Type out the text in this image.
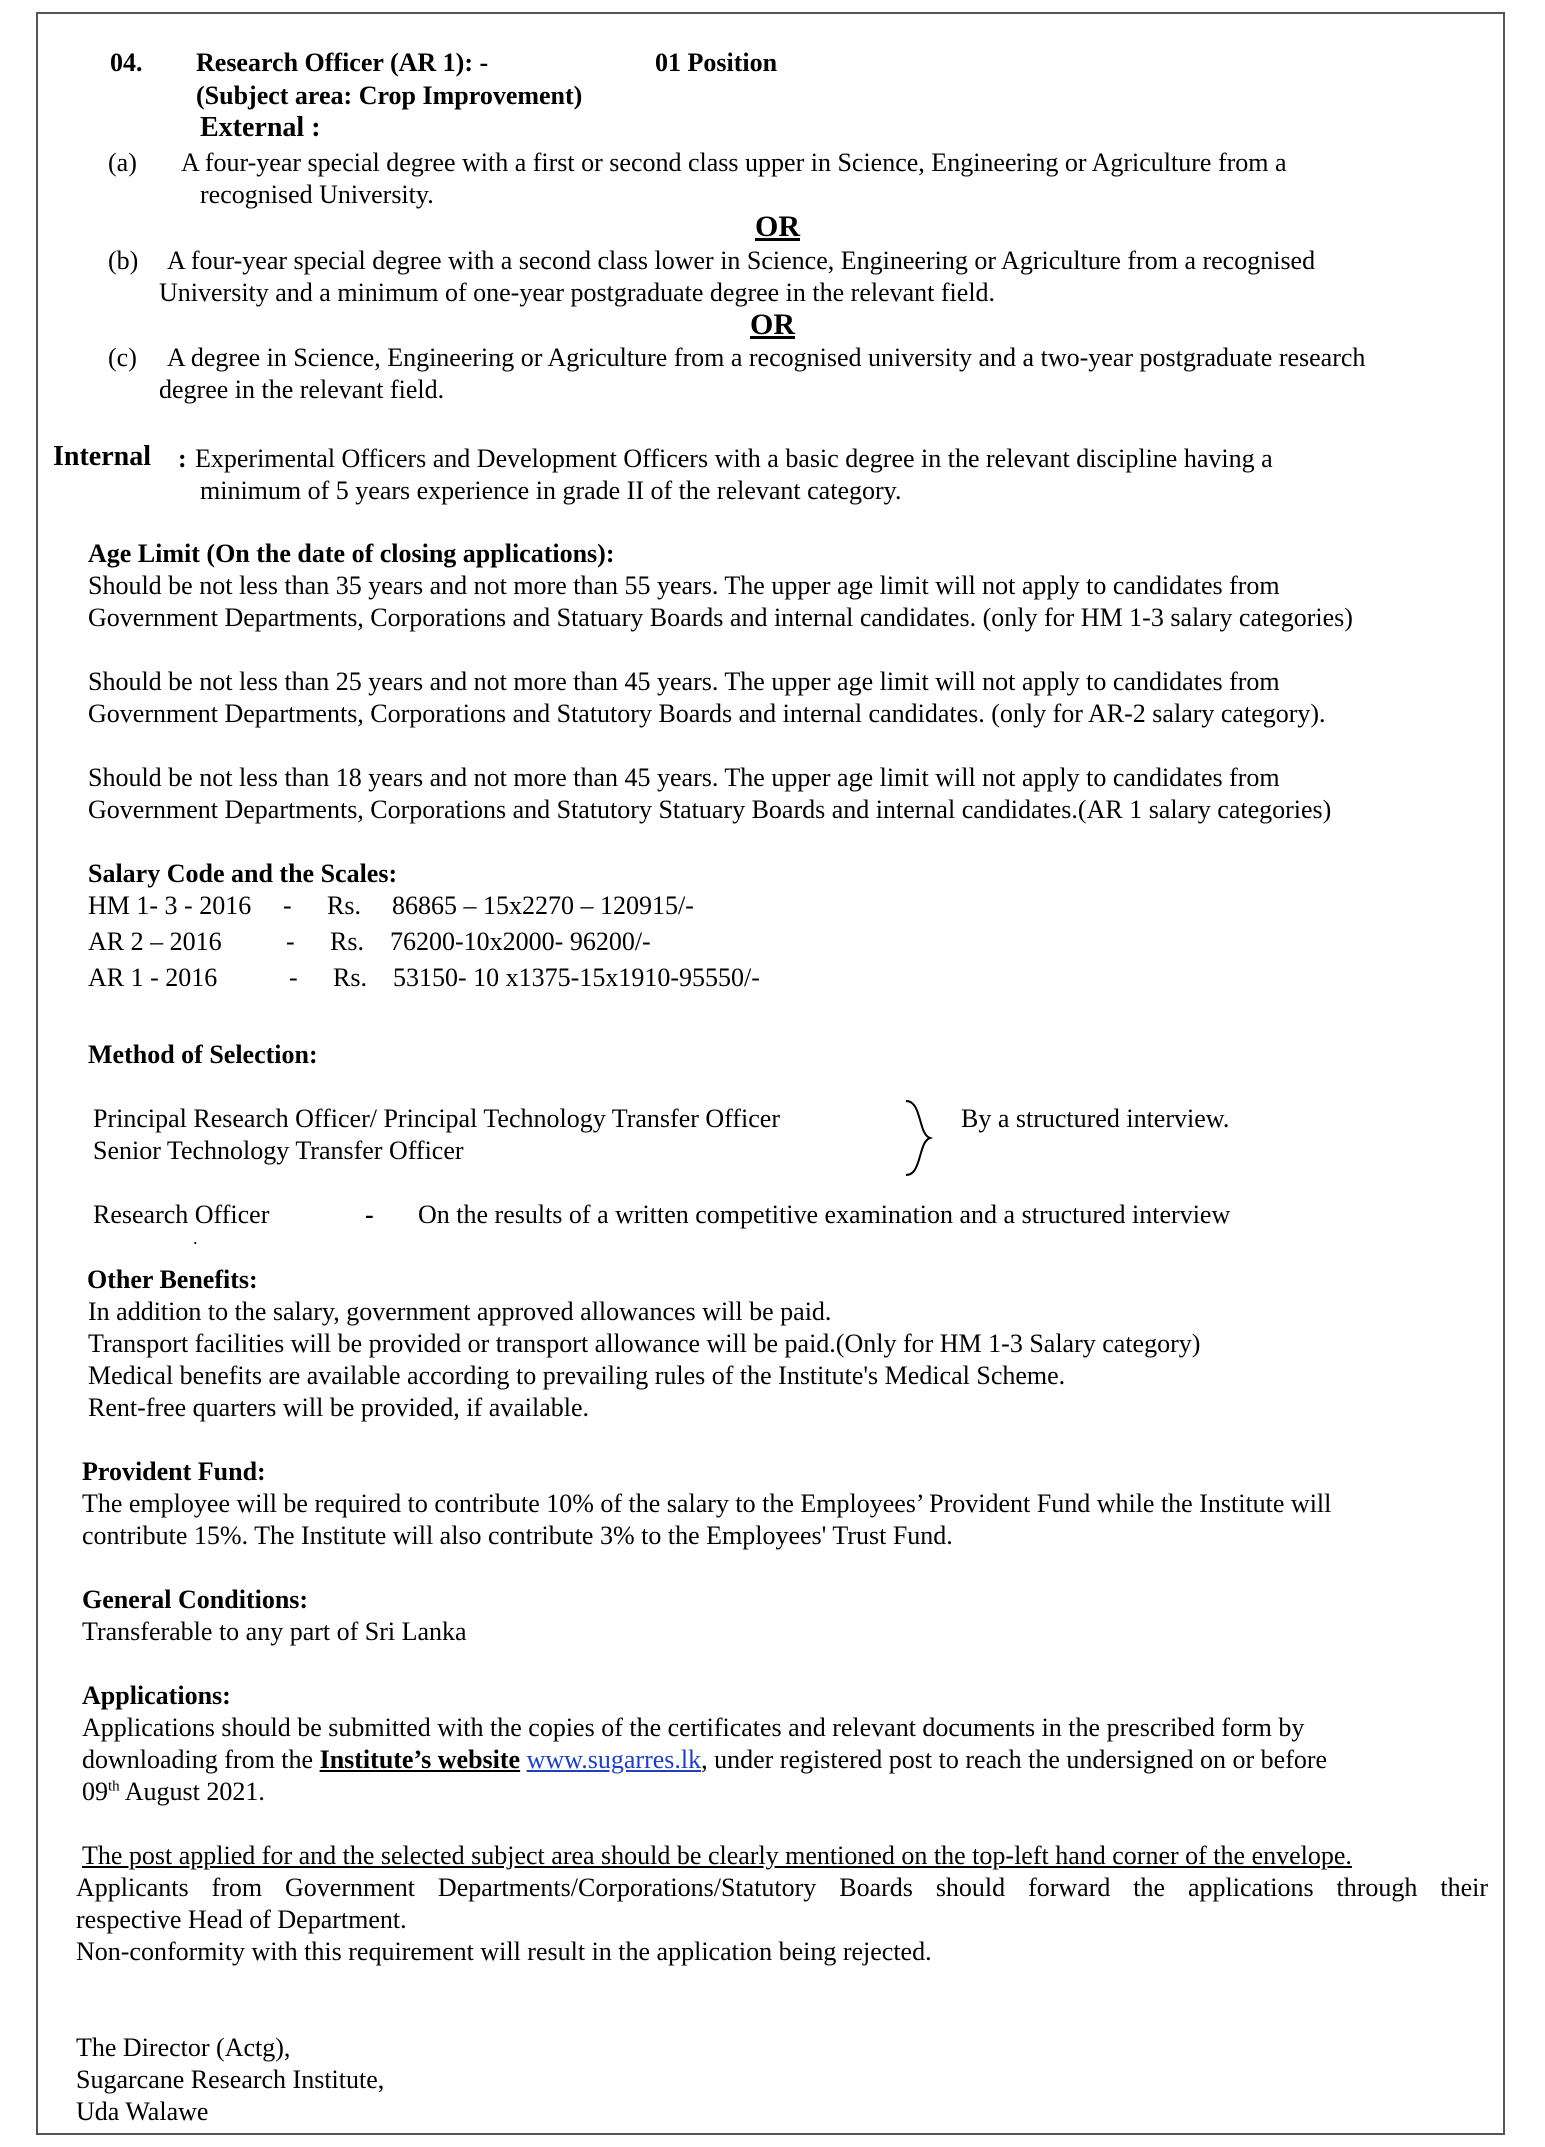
04. Research Officer (AR 1): -	01 Position
(Subject area: Crop Improvement)
External :
(a) A four-year special degree with a first or second class upper in Science, Engineering or Agriculture from a
recognised University.
OR
(b) A four-year special degree with a second class lower in Science, Engineering or Agriculture from a recognised
University and a minimum of one-year postgraduate degree in the relevant field.
OR
(c) A degree in Science, Engineering or Agriculture from a recognised university and a two-year postgraduate research
degree in the relevant field.
Internal : Experimental Officers and Development Officers with a basic degree in the relevant discipline having a
minimum of 5 years experience in grade II of the relevant category.
Age Limit (On the date of closing applications):
Should be not less than 35 years and not more than 55 years. The upper age limit will not apply to candidates from
Government Departments, Corporations and Statuary Boards and internal candidates. (only for HM 1-3 salary categories)
Should be not less than 25 years and not more than 45 years. The upper age limit will not apply to candidates from
Government Departments, Corporations and Statutory Boards and internal candidates. (only for AR-2 salary category).
Should be not less than 18 years and not more than 45 years. The upper age limit will not apply to candidates from
Government Departments, Corporations and Statutory Statuary Boards and internal candidates.(AR 1 salary categories)
Salary Code and the Scales:
HM 1- 3 - 2016 - Rs. 86865 – 15x2270 – 120915/-
AR 2 – 2016 - Rs. 76200-10x2000- 96200/-
AR 1 - 2016	- Rs. 53150- 10 x1375-15x1910-95550/-
Method of Selection:
Principal Research Officer/ Principal Technology Transfer Officer
Senior Technology Transfer Officer
By a structured interview.
Research Officer	- On the results of a written competitive examination and a structured interview
.
Other Benefits:
In addition to the salary, government approved allowances will be paid.
Transport facilities will be provided or transport allowance will be paid.(Only for HM 1-3 Salary category)
Medical benefits are available according to prevailing rules of the Institute's Medical Scheme.
Rent-free quarters will be provided, if available.
Provident Fund:
The employee will be required to contribute 10% of the salary to the Employees’ Provident Fund while the Institute will
contribute 15%. The Institute will also contribute 3% to the Employees' Trust Fund.
General Conditions:
Transferable to any part of Sri Lanka
Applications:
Applications should be submitted with the copies of the certificates and relevant documents in the prescribed form by
downloading from the Institute’s website www.sugarres.lk, under registered post to reach the undersigned on or before
09th August 2021.
The post applied for and the selected subject area should be clearly mentioned on the top-left hand corner of the envelope.
Applicants from Government Departments/Corporations/Statutory Boards should forward the applications through their
respective Head of Department.
Non-conformity with this requirement will result in the application being rejected.
The Director (Actg),
Sugarcane Research Institute,
Uda Walawe
